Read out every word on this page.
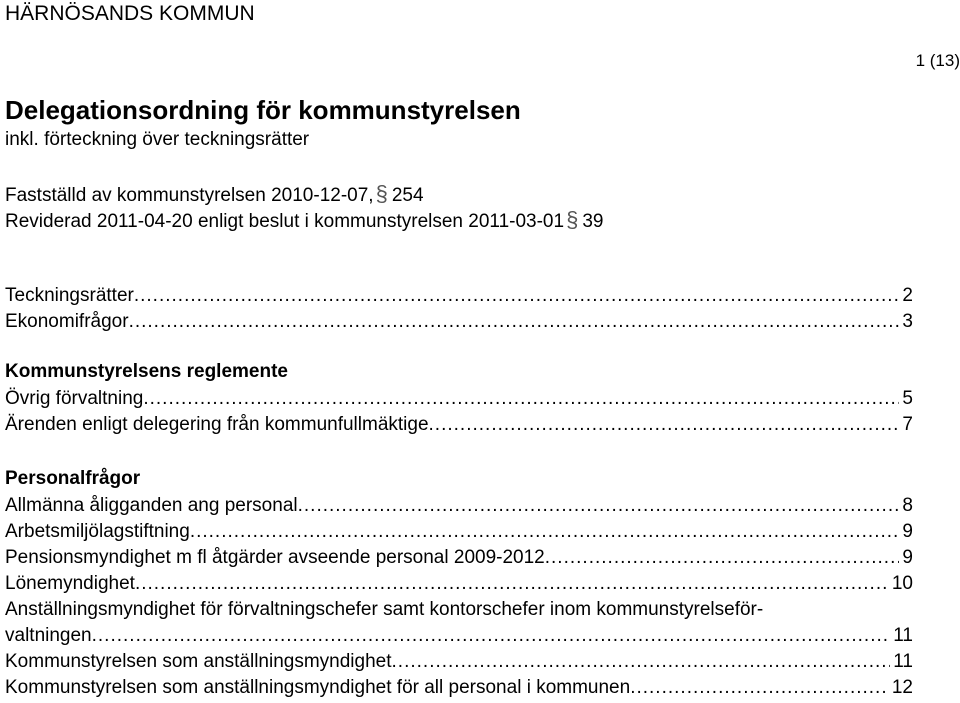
HÄRNÖSANDS KOMMUN
1 (13)
Delegationsordning för kommunstyrelsen
inkl. förteckning över teckningsrätter
Fastställd av kommunstyrelsen 2010-12-07,§ 254
Reviderad 2011-04-20 enligt beslut i kommunstyrelsen 2011-03-01§ 39
Teckningsrätter .....	2
Ekonomifrågor .....	3
Kommunstyrelsens reglemente
Övrig förvaltning .....	5
Ärenden enligt delegering från kommunfullmäktige .....	7
Personalfrågor
Allmänna åligganden ang personal .....	8
Arbetsmiljölagstiftning .....	9
Pensionsmyndighet m fl åtgärder avseende personal 2009-2012 .....	9
Lönemyndighet .....	10
Anställningsmyndighet för förvaltningschefer samt kontorschefer inom kommunstyrelseför-
valtningen .....	11
Kommunstyrelsen som anställningsmyndighet .....	11
Kommunstyrelsen som anställningsmyndighet för all personal i kommunen .....	12
